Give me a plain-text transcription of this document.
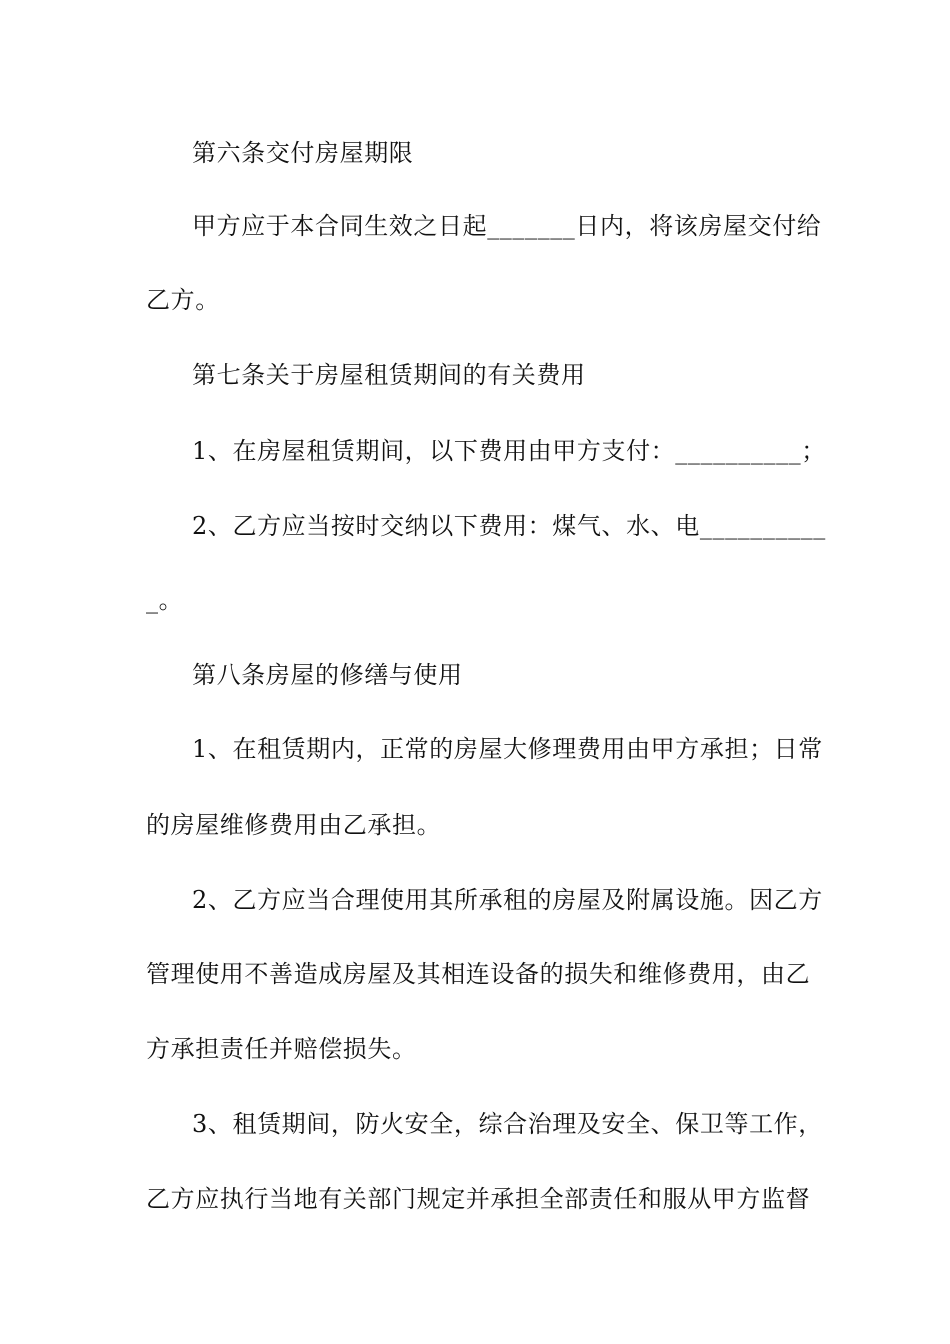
第六条交付房屋期限
甲方应于本合同生效之日起_______日内，将该房屋交付给
乙方。
第七条关于房屋租赁期间的有关费用
1、在房屋租赁期间，以下费用由甲方支付：__________；
2、乙方应当按时交纳以下费用：煤气、水、电__________
_。
第八条房屋的修缮与使用
1、在租赁期内，正常的房屋大修理费用由甲方承担；日常
的房屋维修费用由乙承担。
2、乙方应当合理使用其所承租的房屋及附属设施。因乙方
管理使用不善造成房屋及其相连设备的损失和维修费用，由乙
方承担责任并赔偿损失。
3、租赁期间，防火安全，综合治理及安全、保卫等工作，
乙方应执行当地有关部门规定并承担全部责任和服从甲方监督
